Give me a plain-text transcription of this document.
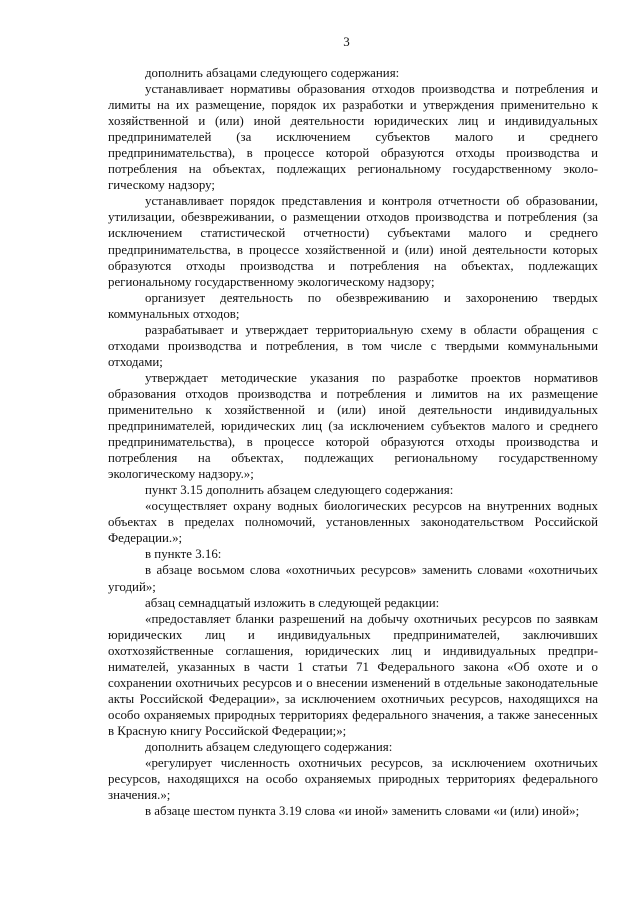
3

дополнить абзацами следующего содержания:

устанавливает нормативы образования отходов производства и потребления и лимиты на их размещение, порядок их разработки и утверждения применительно к хозяйственной и (или) иной деятельности юридических лиц и индивидуальных предпринимателей (за исключением субъектов малого и среднего предпринимательства), в процессе которой образуются отходы производства и потребления на объектах, подлежащих региональному государственному экологическому надзору;

устанавливает порядок представления и контроля отчетности об образовании, утилизации, обезвреживании, о размещении отходов производства и потребления (за исключением статистической отчетности) субъектами малого и среднего предпринимательства, в процессе хозяйственной и (или) иной деятельности которых образуются отходы производства и потребления на объектах, подлежащих региональному государственному экологическому надзору;

организует деятельность по обезвреживанию и захоронению твердых коммунальных отходов;

разрабатывает и утверждает территориальную схему в области обращения с отходами производства и потребления, в том числе с твердыми коммунальными отходами;

утверждает методические указания по разработке проектов нормативов образования отходов производства и потребления и лимитов на их размещение применительно к хозяйственной и (или) иной деятельности индивидуальных предпринимателей, юридических лиц (за исключением субъектов малого и среднего предпринимательства), в процессе которой образуются отходы производства и потребления на объектах, подлежащих региональному государственному экологическому надзору.»;

пункт 3.15 дополнить абзацем следующего содержания:

«осуществляет охрану водных биологических ресурсов на внутренних водных объектах в пределах полномочий, установленных законодательством Российской Федерации.»;

в пункте 3.16:

в абзаце восьмом слова «охотничьих ресурсов» заменить словами «охотничьих угодий»;

абзац семнадцатый изложить в следующей редакции:

«предоставляет бланки разрешений на добычу охотничьих ресурсов по заявкам юридических лиц и индивидуальных предпринимателей, заключивших охотхозяйственные соглашения, юридических лиц и индивидуальных предпринимателей, указанных в части 1 статьи 71 Федерального закона «Об охоте и о сохранении охотничьих ресурсов и о внесении изменений в отдельные законодательные акты Российской Федерации», за исключением охотничьих ресурсов, находящихся на особо охраняемых природных территориях федерального значения, а также занесенных в Красную книгу Российской Федерации;»;

дополнить абзацем следующего содержания:

«регулирует численность охотничьих ресурсов, за исключением охотничьих ресурсов, находящихся на особо охраняемых природных территориях федерального значения.»;

в абзаце шестом пункта 3.19 слова «и иной» заменить словами «и (или) иной»;
